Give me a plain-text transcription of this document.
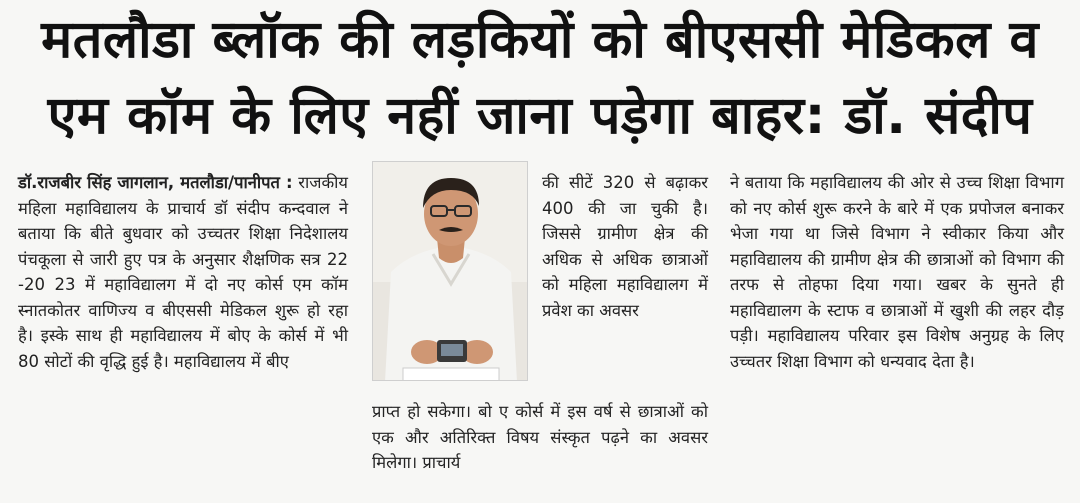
मतलौडा ब्लॉक की लड़कियों को बीएससी मेडिकल व
एम कॉम के लिए नहीं जाना पड़ेगा बाहर: डॉ. संदीप

डॉ.राजबीर सिंह जागलान, मतलौडा/पानीपत : राजकीय महिला महाविद्यालय के प्राचार्य डॉ संदीप कन्दवाल ने बताया कि बीते बुधवार को उच्चतर शिक्षा निदेशालय पंचकूला से जारी हुए पत्र के अनुसार शैक्षणिक सत्र 22 -20 23 में महाविद्यालग में दो नए कोर्स एम कॉम स्नातकोतर वाणिज्य व बीएससी मेडिकल शुरू हो रहा है। इस्के साथ ही महाविद्यालय में बोए के कोर्स में भी 80 सोटों की वृद्धि हुई है। महाविद्यालय में बीए

की सीटें 320 से बढ़ाकर 400 की जा चुकी है। जिससे ग्रामीण क्षेत्र की अधिक से अधिक छात्राओं को महिला महाविद्यालग में प्रवेश का अवसर

प्राप्त हो सकेगा। बो ए कोर्स में इस वर्ष से छात्राओं को एक और अतिरिक्त विषय संस्कृत पढ़ने का अवसर मिलेगा। प्राचार्य

ने बताया कि महाविद्यालय की ओर से उच्च शिक्षा विभाग को नए कोर्स शुरू करने के बारे में एक प्रपोजल बनाकर भेजा गया था जिसे विभाग ने स्वीकार किया और महाविद्यालय की ग्रामीण क्षेत्र की छात्राओं को विभाग की तरफ से तोहफा दिया गया। खबर के सुनते ही महाविद्यालग के स्टाफ व छात्राओं में खुशी की लहर दौड़ पड़ी। महाविद्यालय परिवार इस विशेष अनुग्रह के लिए उच्चतर शिक्षा विभाग को धन्यवाद देता है।
